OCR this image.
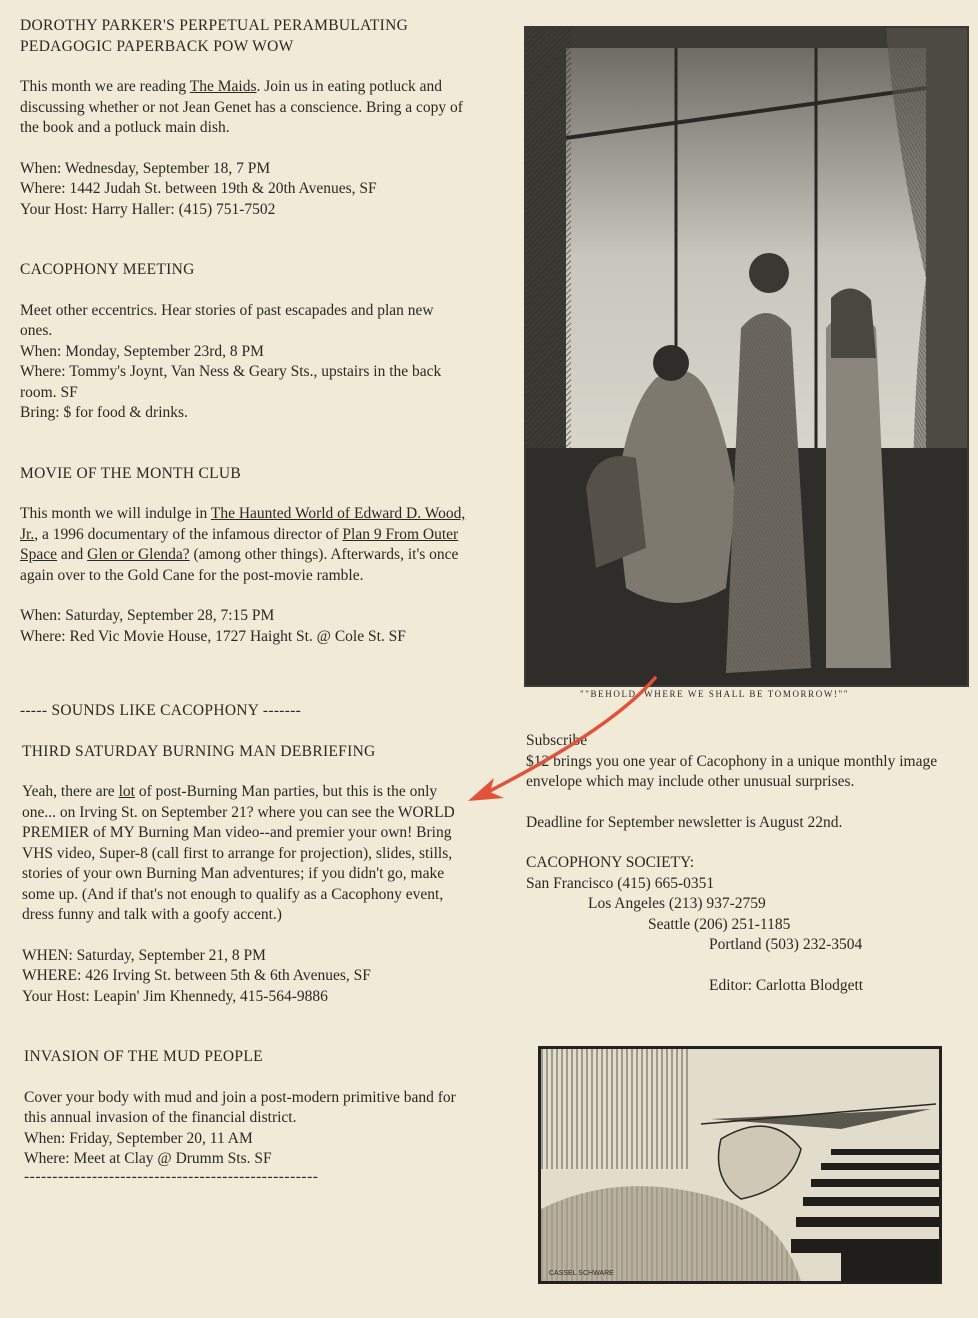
DOROTHY PARKER'S PERPETUAL PERAMBULATING

PEDAGOGIC PAPERBACK POW WOW

This month we are reading The Maids. Join us in eating potluck and discussing whether or not Jean Genet has a conscience. Bring a copy of the book and a potluck main dish.

When: Wednesday, September 18, 7 PM

Where: 1442 Judah St. between 19th & 20th Avenues, SF

Your Host: Harry Haller: (415) 751-7502

CACOPHONY MEETING

Meet other eccentrics. Hear stories of past escapades and plan new ones.

When: Monday, September 23rd, 8 PM

Where: Tommy's Joynt, Van Ness & Geary Sts., upstairs in the back room. SF

Bring: $ for food & drinks.

MOVIE OF THE MONTH CLUB

This month we will indulge in The Haunted World of Edward D. Wood, Jr., a 1996 documentary of the infamous director of Plan 9 From Outer Space and Glen or Glenda? (among other things). Afterwards, it's once again over to the Gold Cane for the post-movie ramble.

When: Saturday, September 28, 7:15 PM

Where: Red Vic Movie House, 1727 Haight St. @ Cole St. SF

----- SOUNDS LIKE CACOPHONY -------

THIRD SATURDAY BURNING MAN DEBRIEFING

Yeah, there are lot of post-Burning Man parties, but this is the only one... on Irving St. on September 21? where you can see the WORLD PREMIER of MY Burning Man video--and premier your own! Bring VHS video, Super-8 (call first to arrange for projection), slides, stills, stories of your own Burning Man adventures; if you didn't go, make some up. (And if that's not enough to qualify as a Cacophony event, dress funny and talk with a goofy accent.)

WHEN: Saturday, September 21, 8 PM

WHERE: 426 Irving St. between 5th & 6th Avenues, SF

Your Host: Leapin' Jim Khennedy, 415-564-9886

INVASION OF THE MUD PEOPLE

Cover your body with mud and join a post-modern primitive band for this annual invasion of the financial district.

When: Friday, September 20, 11 AM

Where: Meet at Clay @ Drumm Sts. SF

----------------------------------------------------

""BEHOLD, WHERE WE SHALL BE TOMORROW!""

Subscribe

$12 brings you one year of Cacophony in a unique monthly image envelope which may include other unusual surprises.

Deadline for September newsletter is August 22nd.

CACOPHONY SOCIETY:

San Francisco (415) 665-0351

Los Angeles (213) 937-2759

Seattle (206) 251-1185

Portland (503) 232-3504

Editor: Carlotta Blodgett

CASSEL SCHWARE
